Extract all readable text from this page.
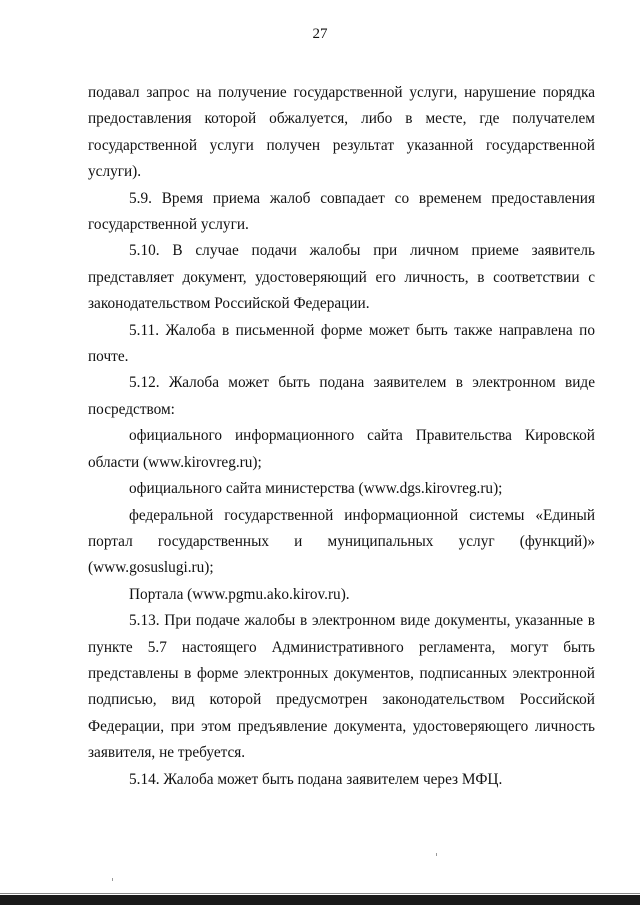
27

подавал запрос на получение государственной услуги, нарушение порядка предоставления которой обжалуется, либо в месте, где получателем государственной услуги получен результат указанной государственной услуги).

5.9. Время приема жалоб совпадает со временем предоставления государственной услуги.

5.10. В случае подачи жалобы при личном приеме заявитель представляет документ, удостоверяющий его личность, в соответствии с законодательством Российской Федерации.

5.11. Жалоба в письменной форме может быть также направлена по почте.

5.12. Жалоба может быть подана заявителем в электронном виде посредством:

официального информационного сайта Правительства Кировской области (www.kirovreg.ru);

официального сайта министерства (www.dgs.kirovreg.ru);

федеральной государственной информационной системы «Единый портал государственных и муниципальных услуг (функций)» (www.gosuslugi.ru);

Портала (www.pgmu.ako.kirov.ru).

5.13. При подаче жалобы в электронном виде документы, указанные в пункте 5.7 настоящего Административного регламента, могут быть представлены в форме электронных документов, подписанных электронной подписью, вид которой предусмотрен законодательством Российской Федерации, при этом предъявление документа, удостоверяющего личность заявителя, не требуется.

5.14. Жалоба может быть подана заявителем через МФЦ.
